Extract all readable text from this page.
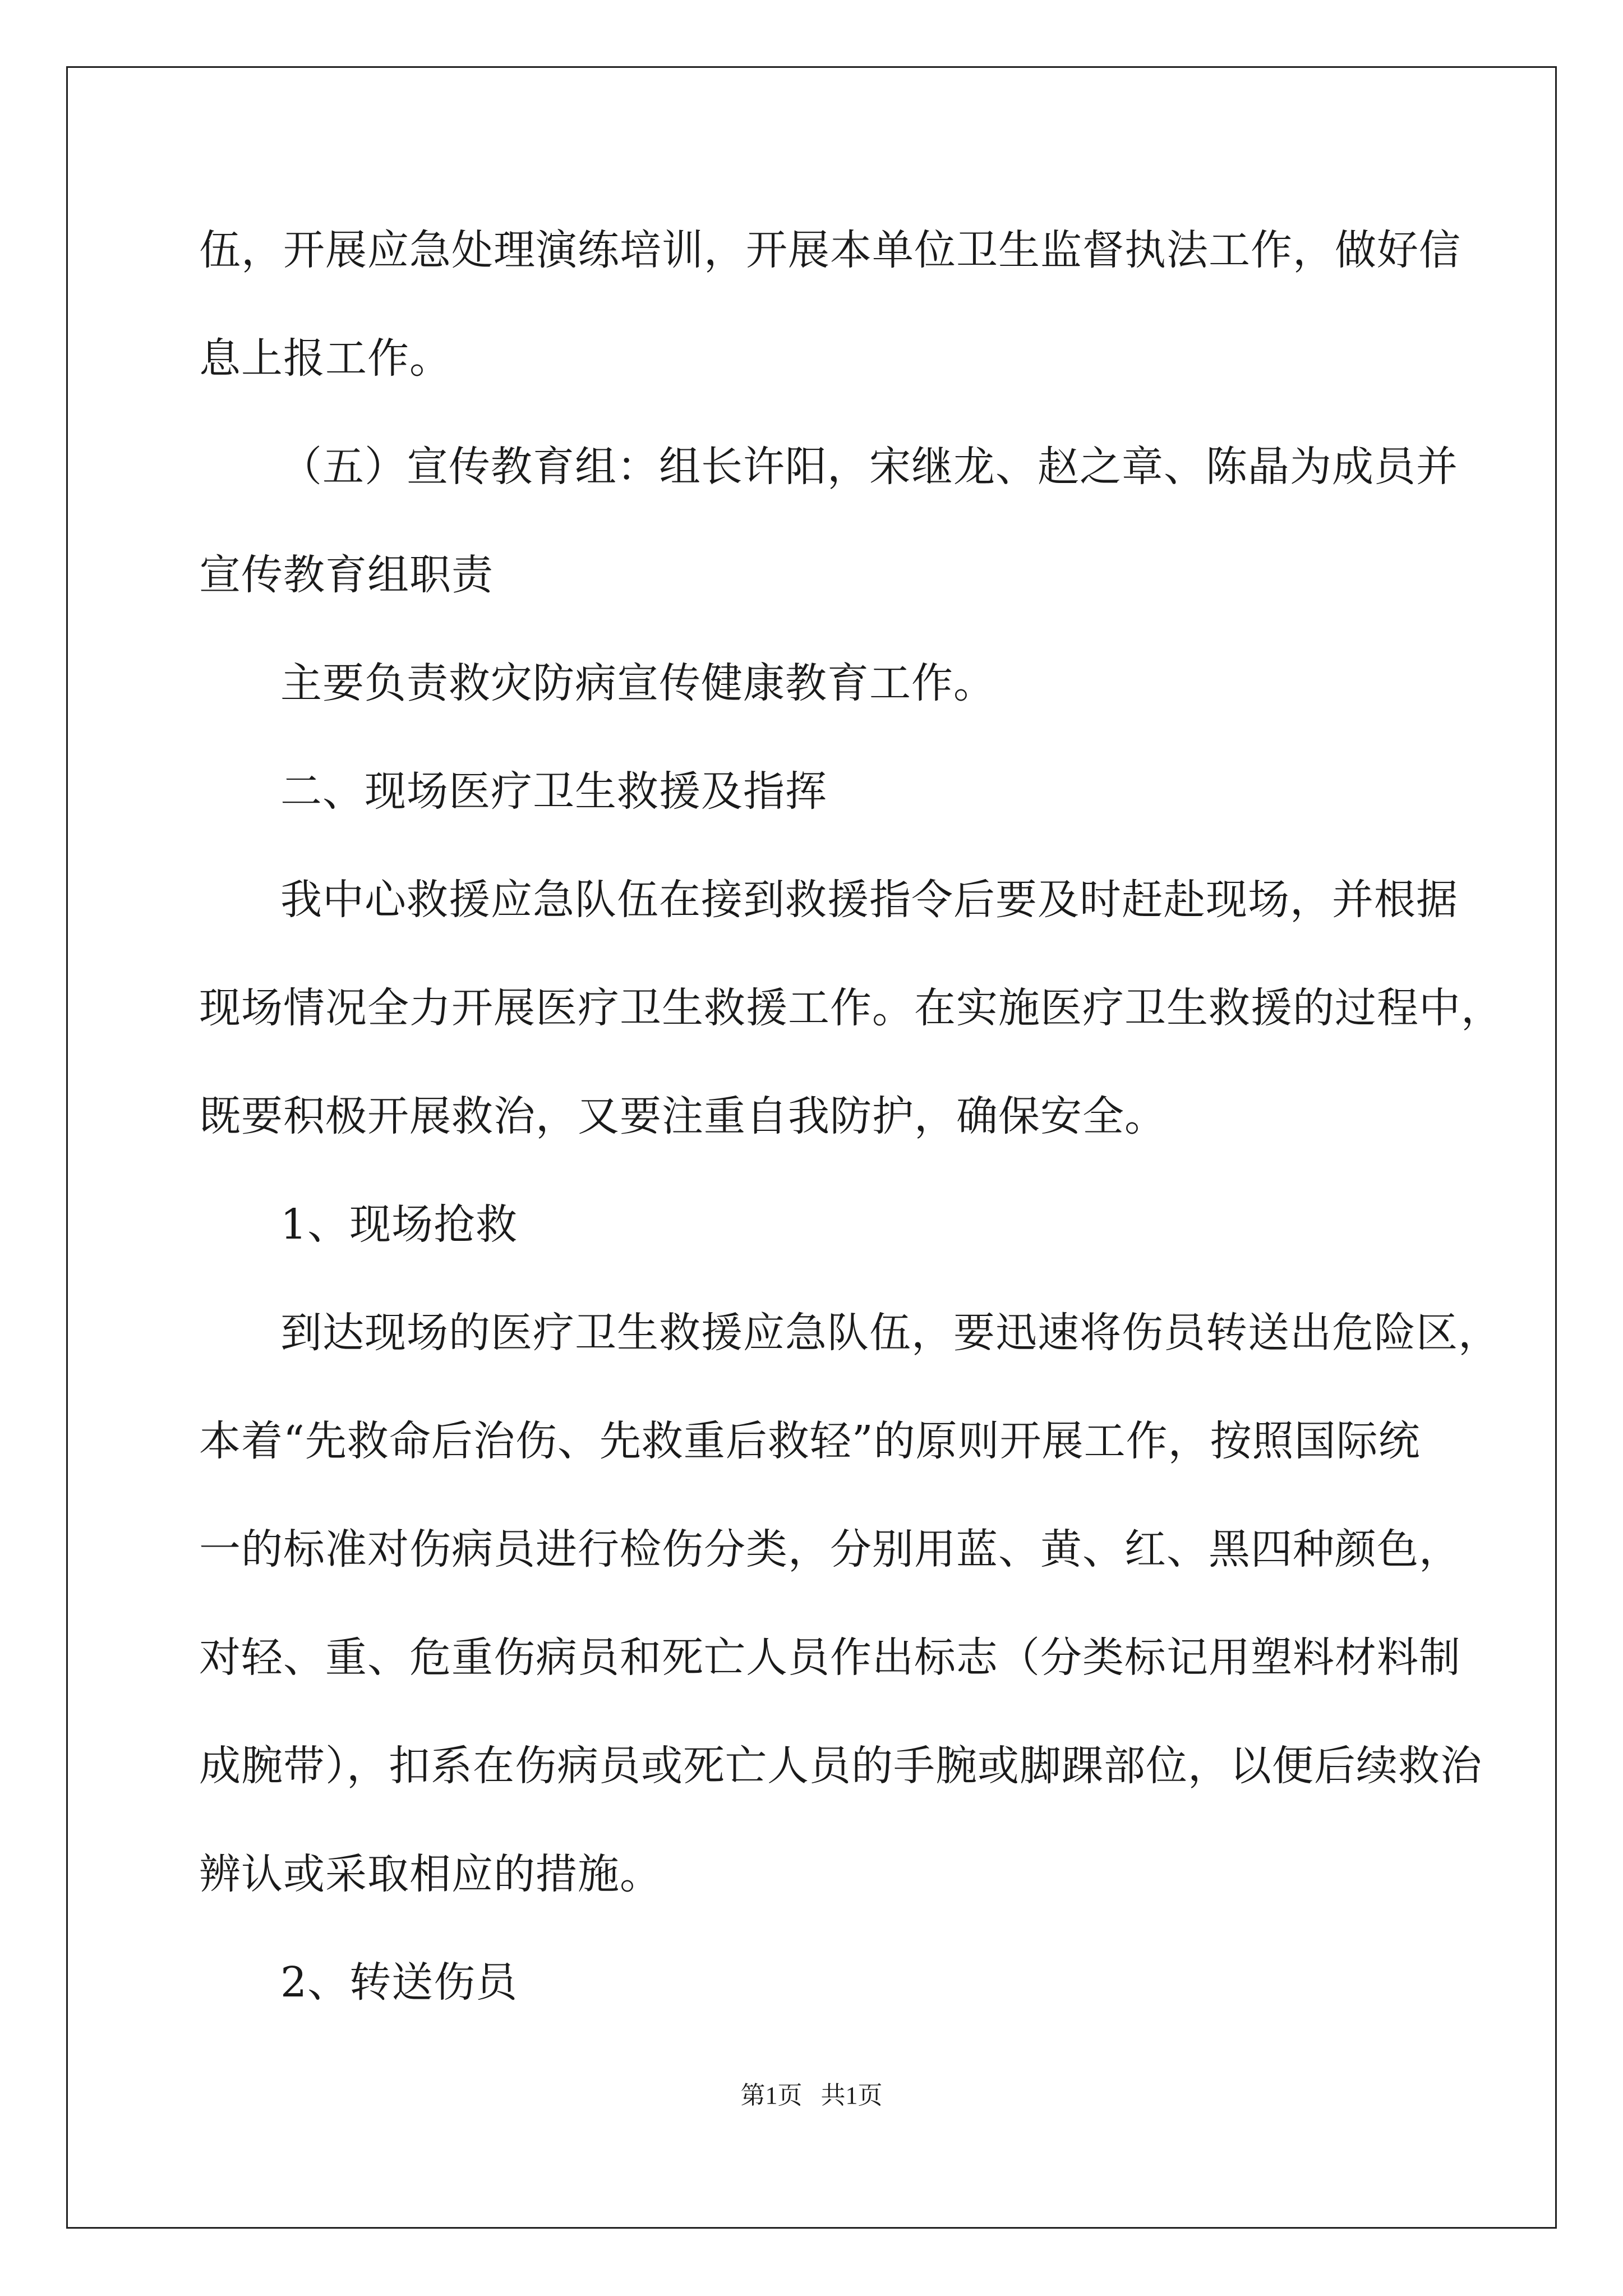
伍，开展应急处理演练培训，开展本单位卫生监督执法工作，做好信
息上报工作。
（五）宣传教育组：组长许阳，宋继龙、赵之章、陈晶为成员并
宣传教育组职责
主要负责救灾防病宣传健康教育工作。
二、现场医疗卫生救援及指挥
我中心救援应急队伍在接到救援指令后要及时赶赴现场，并根据
现场情况全力开展医疗卫生救援工作。在实施医疗卫生救援的过程中，
既要积极开展救治，又要注重自我防护，确保安全。
1、现场抢救
到达现场的医疗卫生救援应急队伍，要迅速将伤员转送出危险区，
本着“先救命后治伤、先救重后救轻”的原则开展工作，按照国际统
一的标准对伤病员进行检伤分类，分别用蓝、黄、红、黑四种颜色，
对轻、重、危重伤病员和死亡人员作出标志（分类标记用塑料材料制
成腕带），扣系在伤病员或死亡人员的手腕或脚踝部位，以便后续救治
辨认或采取相应的措施。
2、转送伤员
第1页 共1页
